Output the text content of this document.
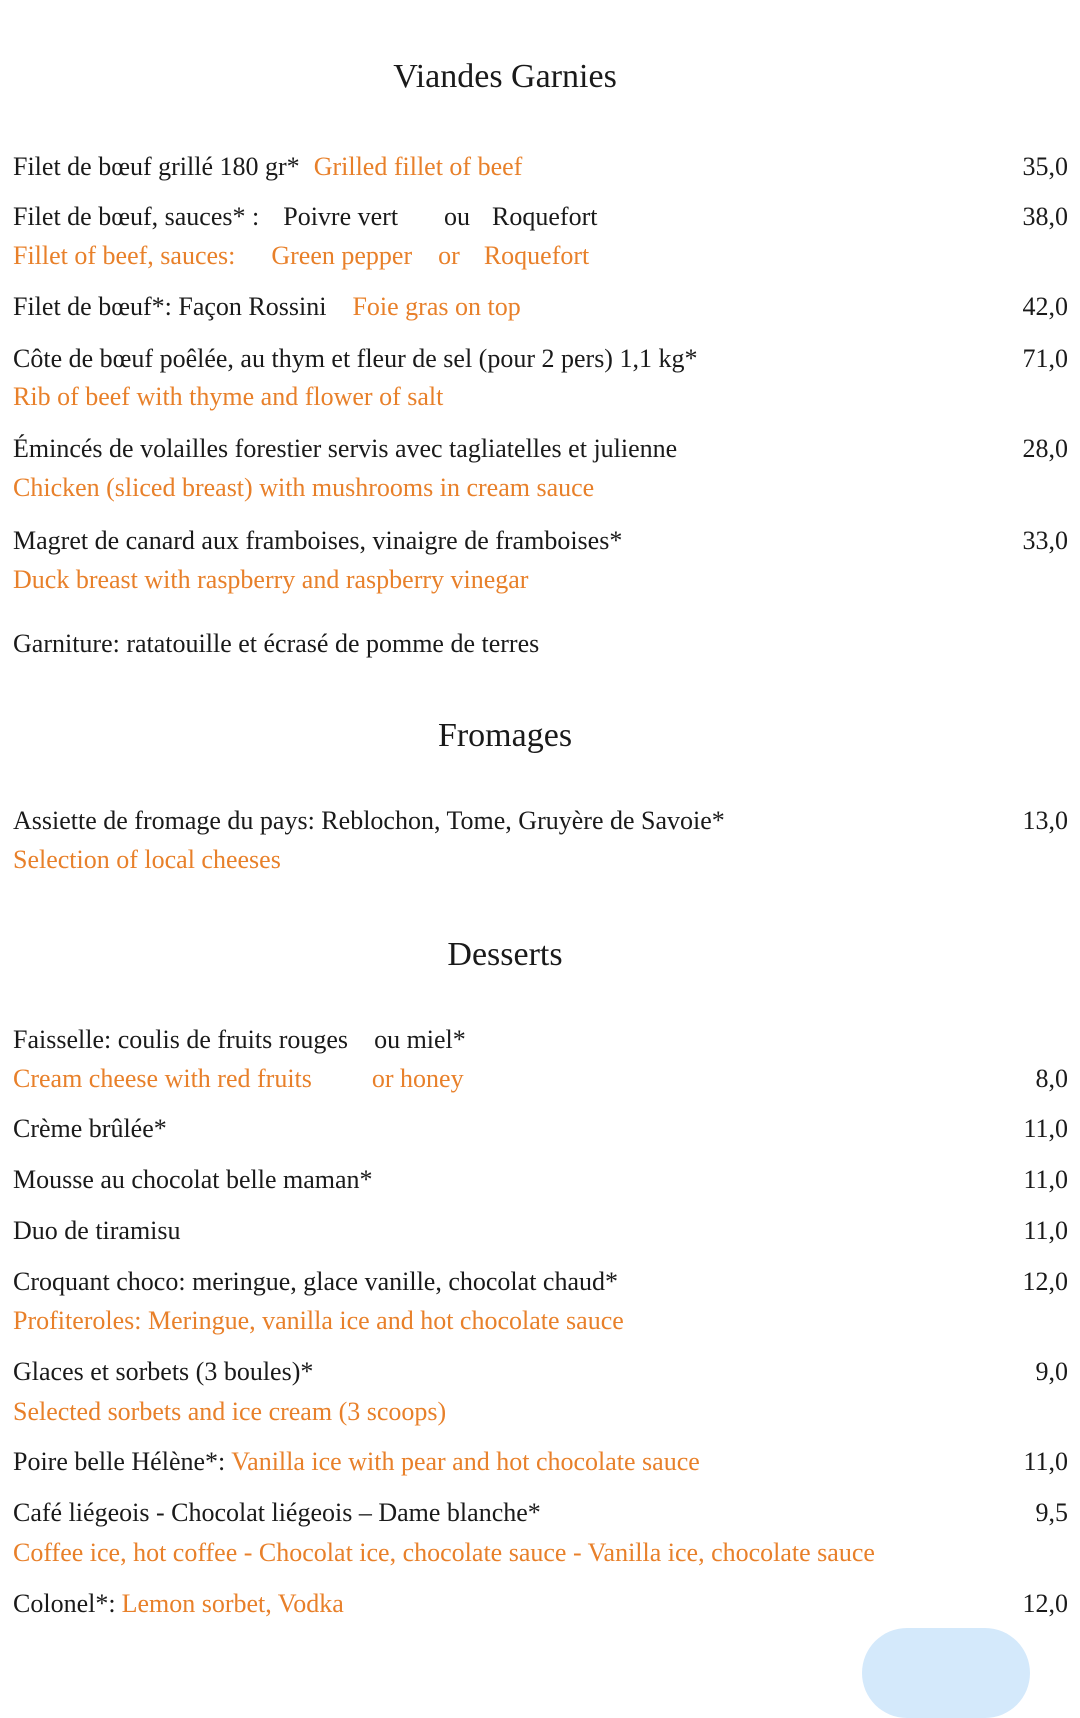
Viandes Garnies
Filet de bœuf grillé 180 gr* Grilled fillet of beef	35,0
Filet de bœuf, sauces* : Poivre vert ou Roquefort	38,0
Fillet of beef, sauces: Green pepper or Roquefort
Filet de bœuf*: Façon Rossini Foie gras on top	42,0
Côte de bœuf poêlée, au thym et fleur de sel (pour 2 pers) 1,1 kg*	71,0
Rib of beef with thyme and flower of salt
Émincés de volailles forestier servis avec tagliatelles et julienne	28,0
Chicken (sliced breast) with mushrooms in cream sauce
Magret de canard aux framboises, vinaigre de framboises*	33,0
Duck breast with raspberry and raspberry vinegar
Garniture: ratatouille et écrasé de pomme de terres
Fromages
Assiette de fromage du pays: Reblochon, Tome, Gruyère de Savoie*	13,0
Selection of local cheeses
Desserts
Faisselle: coulis de fruits rouges ou miel*
Cream cheese with red fruits or honey	8,0
Crème brûlée*	11,0
Mousse au chocolat belle maman*	11,0
Duo de tiramisu	11,0
Croquant choco: meringue, glace vanille, chocolat chaud*	12,0
Profiteroles: Meringue, vanilla ice and hot chocolate sauce
Glaces et sorbets (3 boules)*	9,0
Selected sorbets and ice cream (3 scoops)
Poire belle Hélène*: Vanilla ice with pear and hot chocolate sauce	11,0
Café liégeois - Chocolat liégeois – Dame blanche*	9,5
Coffee ice, hot coffee - Chocolat ice, chocolate sauce - Vanilla ice, chocolate sauce
Colonel*: Lemon sorbet, Vodka	12,0
